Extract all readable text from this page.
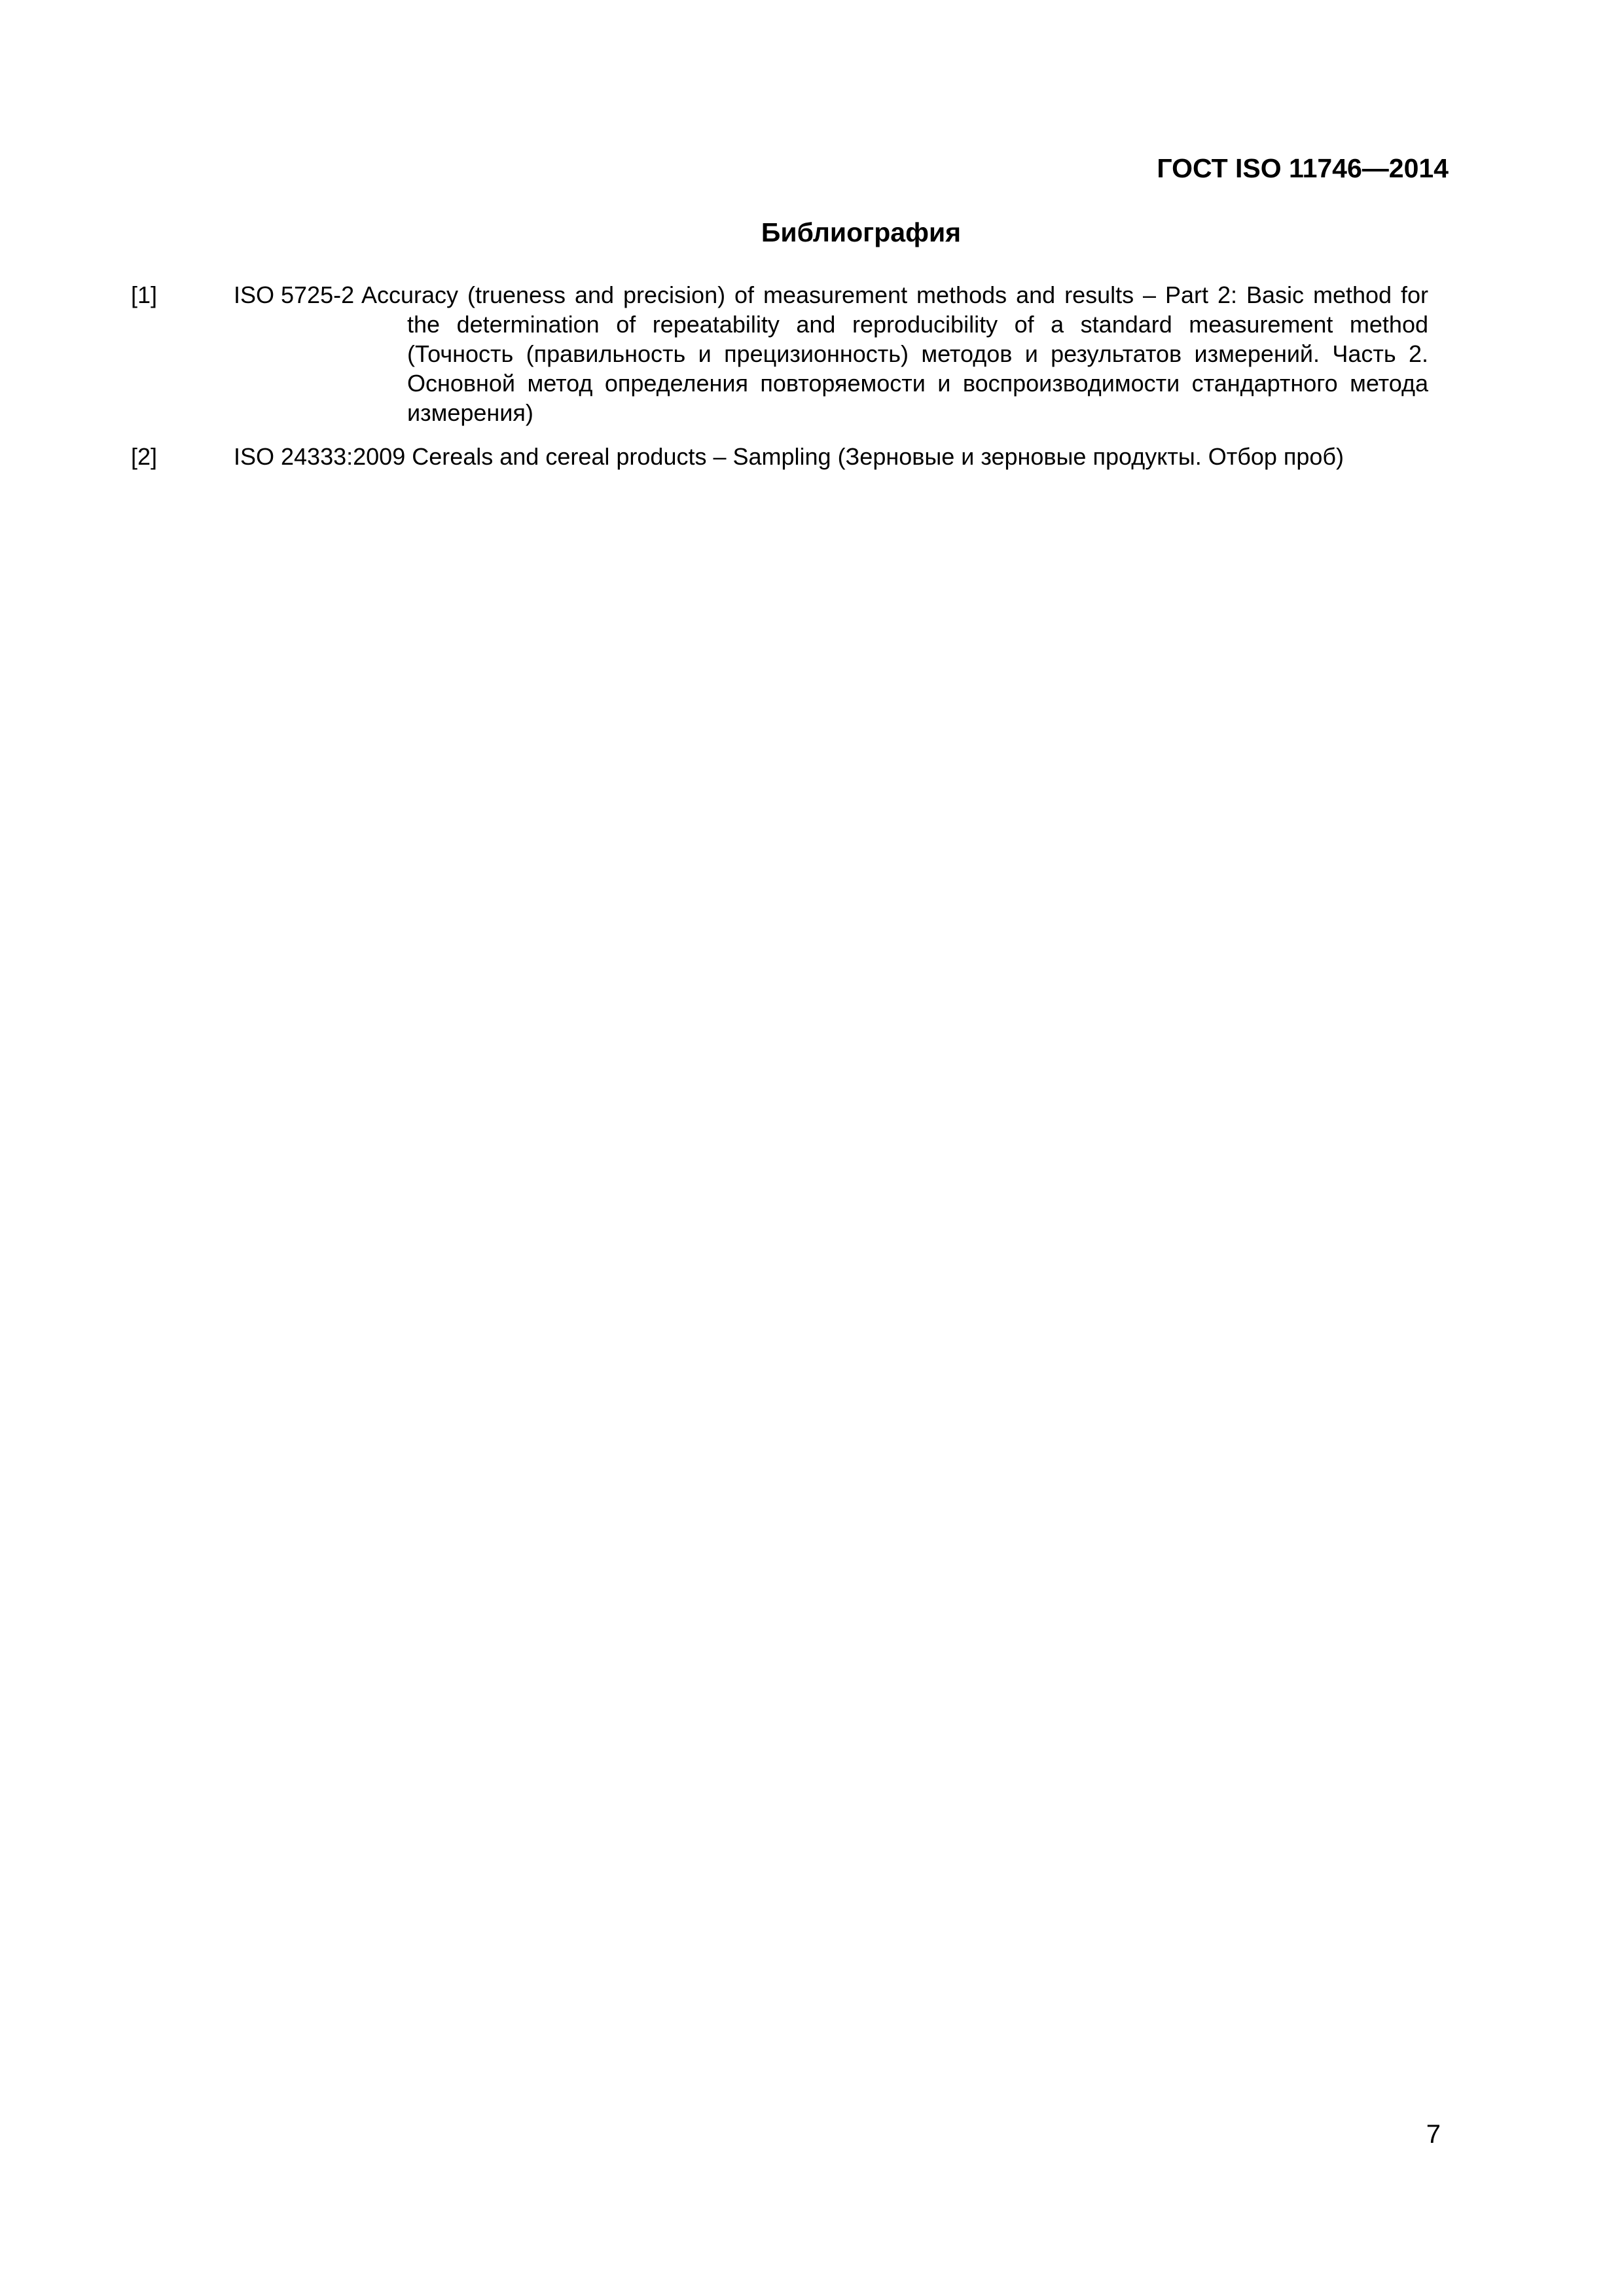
ГОСТ ISO 11746—2014
Библиография
[1]	ISO 5725-2 Accuracy (trueness and precision) of measurement methods and results – Part 2: Basic method for the determination of repeatability and reproducibility of a standard measurement method (Точность (правильность и прецизионность) методов и результатов измерений. Часть 2. Основной метод определения повторяемости и воспроизводимости стандартного метода измерения)
[2]	ISO 24333:2009 Cereals and cereal products – Sampling (Зерновые и зерновые продукты. Отбор проб)
7
